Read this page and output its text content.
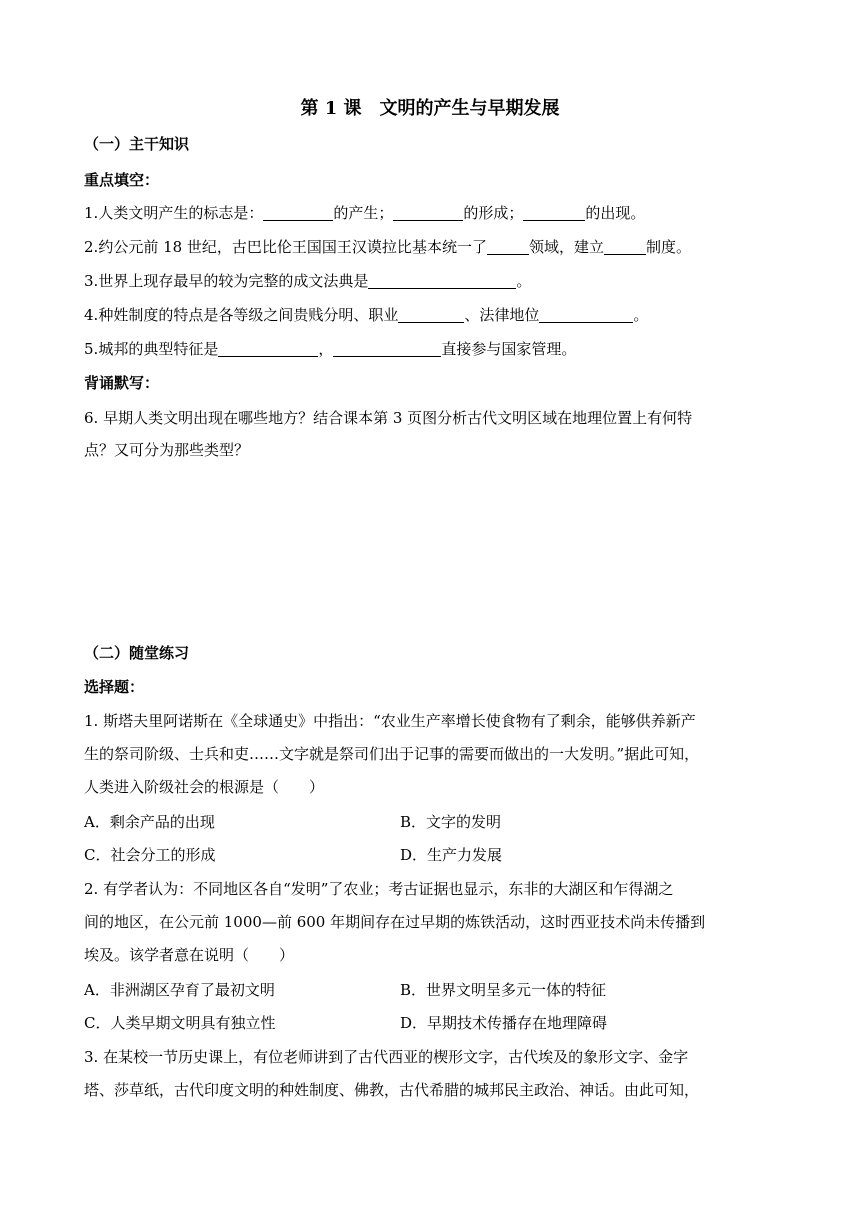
第 1 课　文明的产生与早期发展
（一）主干知识
重点填空：
1.人类文明产生的标志是：	的产生；	的形成；	的出现。
2.约公元前 18 世纪，古巴比伦王国国王汉谟拉比基本统一了	领域，建立	制度。
3.世界上现存最早的较为完整的成文法典是	。
4.种姓制度的特点是各等级之间贵贱分明、职业	、法律地位	。
5.城邦的典型特征是	，	直接参与国家管理。
背诵默写：
6. 早期人类文明出现在哪些地方？结合课本第 3 页图分析古代文明区域在地理位置上有何特
点？又可分为那些类型？
（二）随堂练习
选择题：
1. 斯塔夫里阿诺斯在《全球通史》中指出：“农业生产率增长使食物有了剩余，能够供养新产
生的祭司阶级、士兵和吏……文字就是祭司们出于记事的需要而做出的一大发明。”据此可知，
人类进入阶级社会的根源是（　　）
A．剩余产品的出现	B．文字的发明
C．社会分工的形成	D．生产力发展
2. 有学者认为：不同地区各自“发明”了农业；考古证据也显示，东非的大湖区和乍得湖之
间的地区，在公元前 1000—前 600 年期间存在过早期的炼铁活动，这时西亚技术尚未传播到
埃及。该学者意在说明（　　）
A．非洲湖区孕育了最初文明	B．世界文明呈多元一体的特征
C．人类早期文明具有独立性	D．早期技术传播存在地理障碍
3. 在某校一节历史课上，有位老师讲到了古代西亚的楔形文字，古代埃及的象形文字、金字
塔、莎草纸，古代印度文明的种姓制度、佛教，古代希腊的城邦民主政治、神话。由此可知，
